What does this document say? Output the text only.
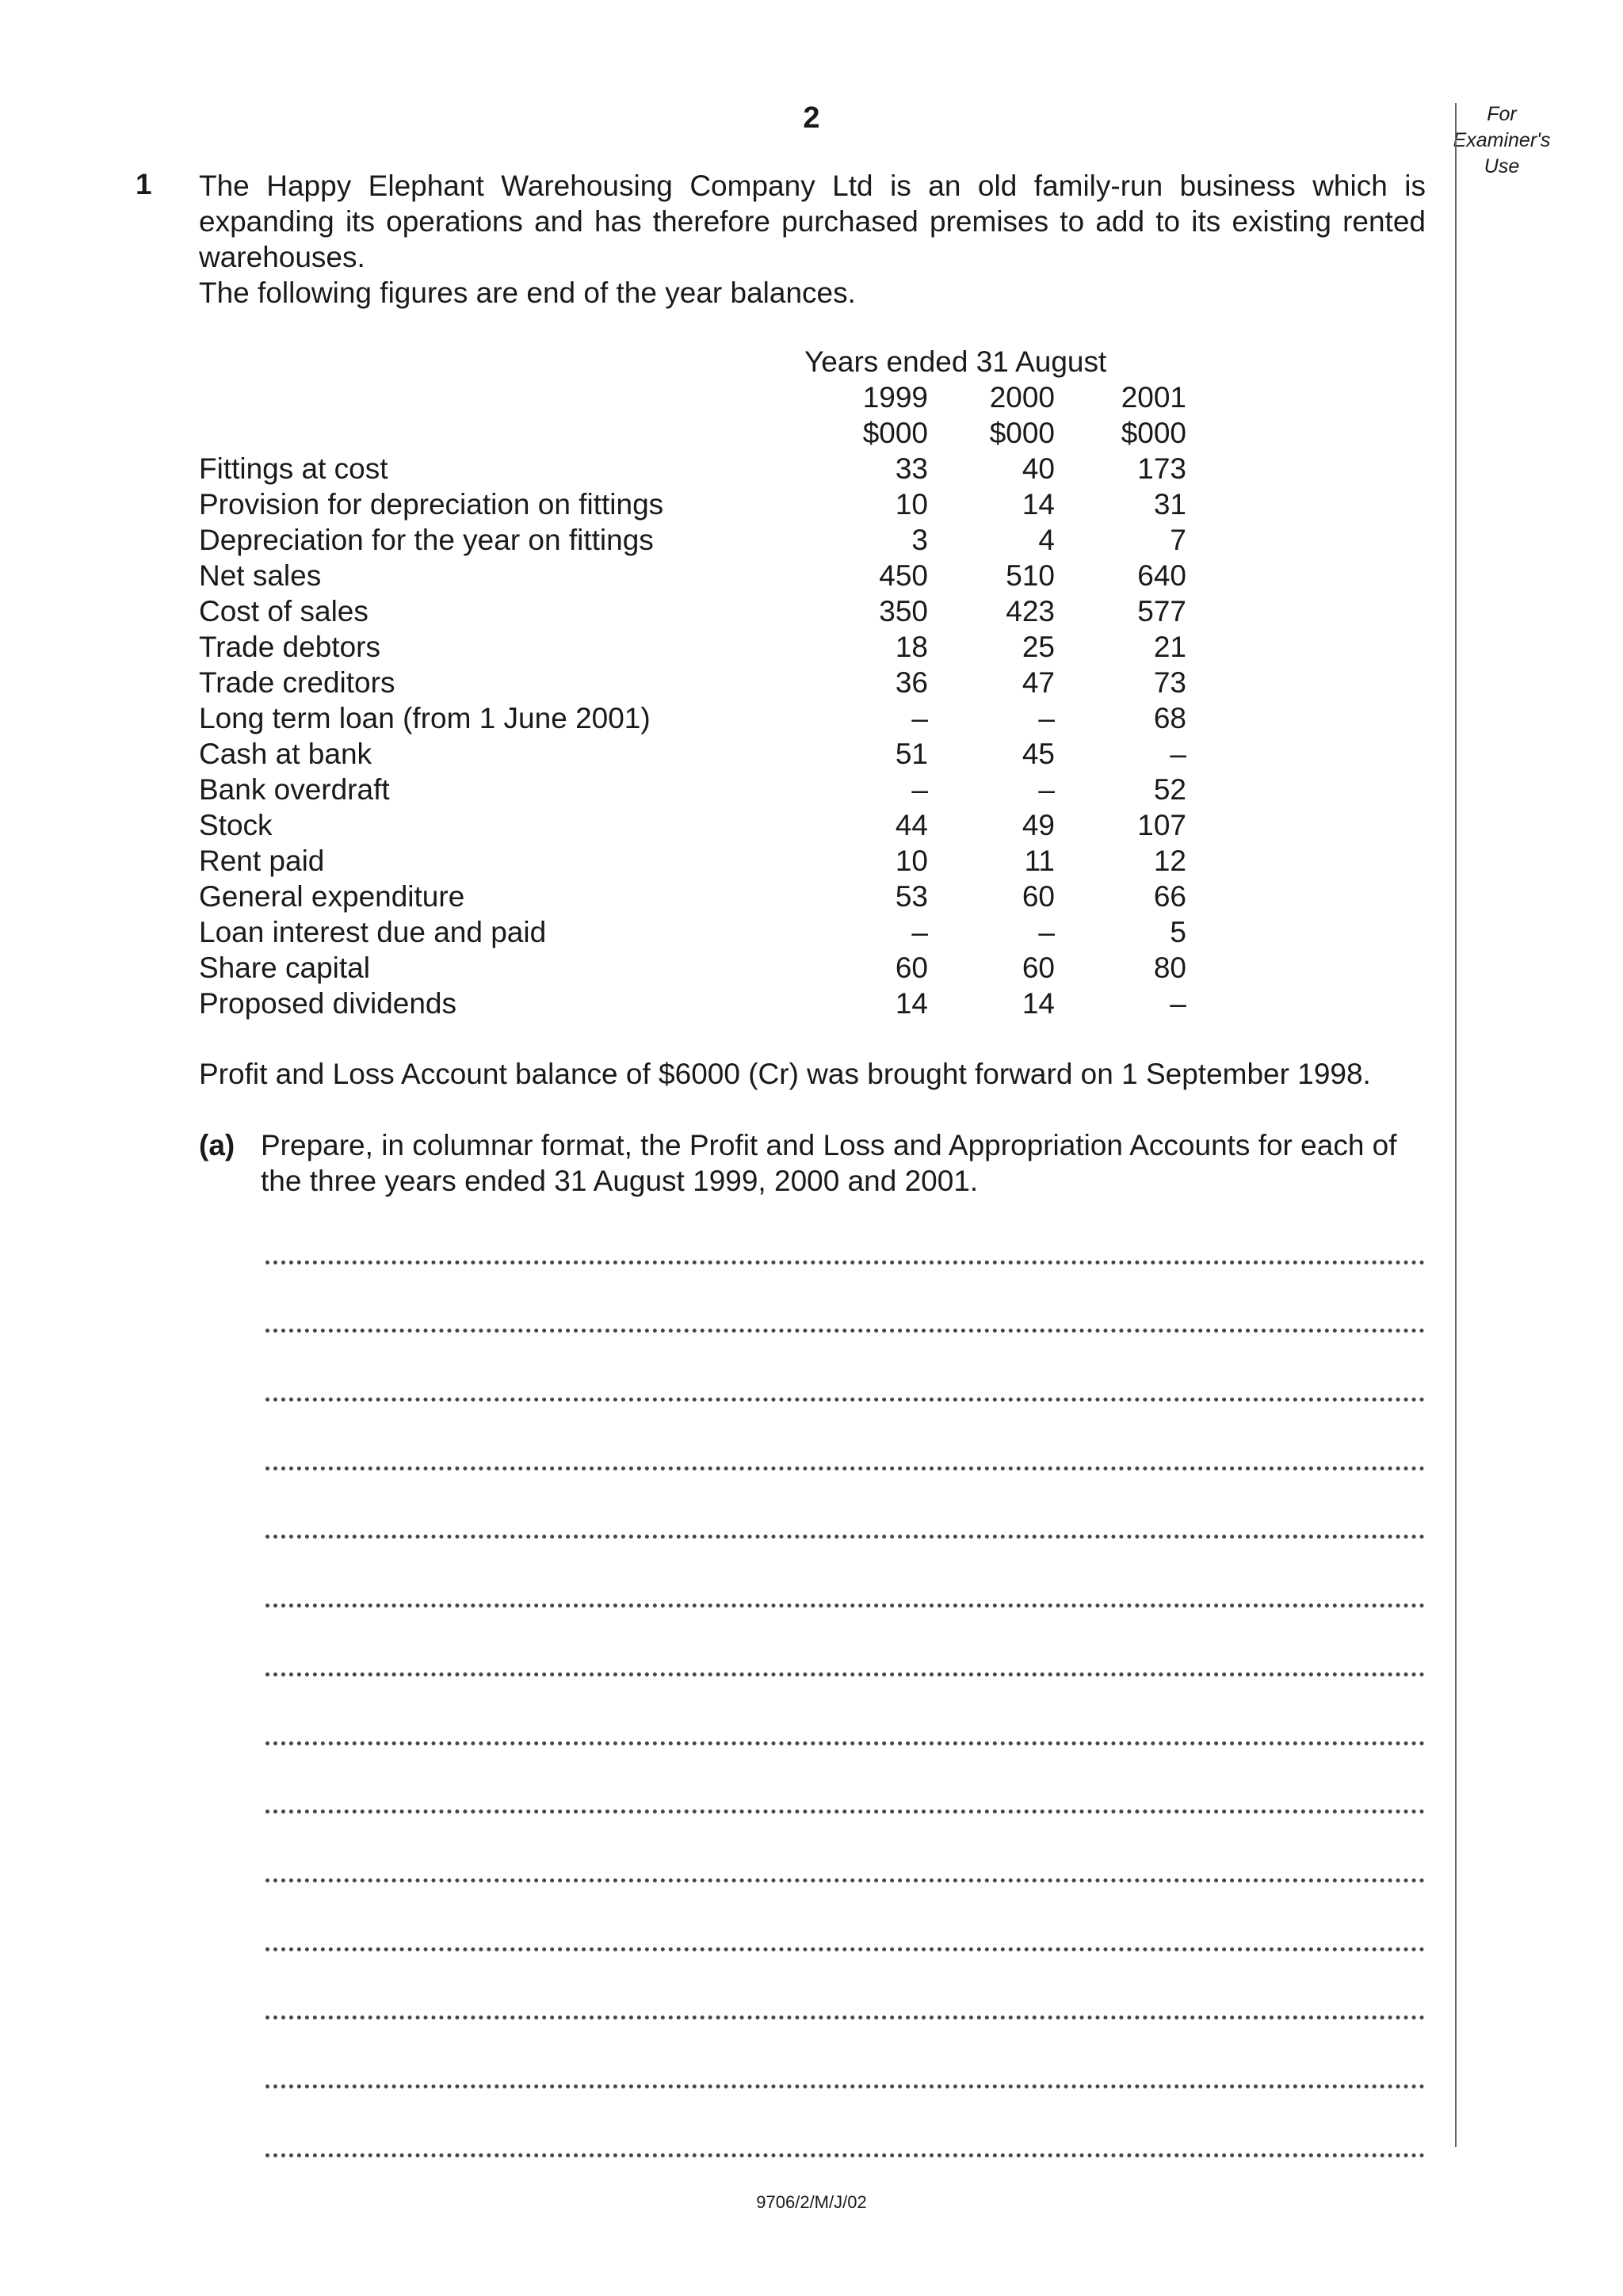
2	For
Examiner's
Use
1 The Happy Elephant Warehousing Company Ltd is an old family-run business which is expanding its operations and has therefore purchased premises to add to its existing rented warehouses.

The following figures are end of the year balances.

	Years ended 31 August		
	1999	2000	2001
	$000	$000	$000
Fittings at cost	33	40	173
Provision for depreciation on fittings	10	14	31
Depreciation for the year on fittings	3	4	7
Net sales	450	510	640
Cost of sales	350	423	577
Trade debtors	18	25	21
Trade creditors	36	47	73
Long term loan (from 1 June 2001)	–	–	68
Cash at bank	51	45	–
Bank overdraft	–	–	52
Stock	44	49	107
Rent paid	10	11	12
General expenditure	53	60	66
Loan interest due and paid	–	–	5
Share capital	60	60	80
Proposed dividends	14	14	–
Profit and Loss Account balance of $6000 (Cr) was brought forward on 1 September 1998.
(a) Prepare, in columnar format, the Profit and Loss and Appropriation Accounts for each of the three years ended 31 August 1999, 2000 and 2001.
9706/2/M/J/02
